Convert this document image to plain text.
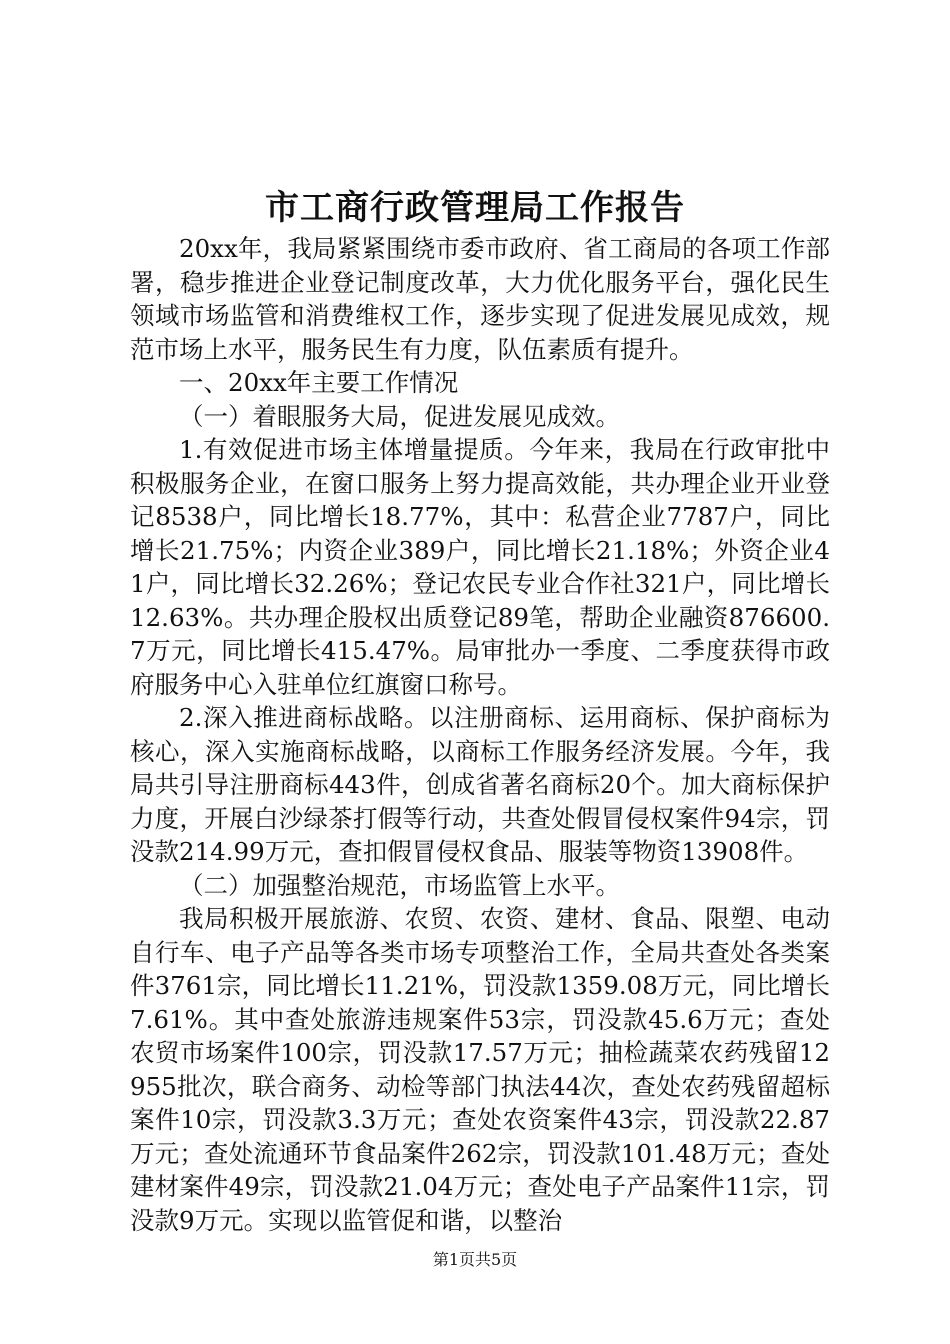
市工商行政管理局工作报告

20xx年，我局紧紧围绕市委市政府、省工商局的各项工作部署，稳步推进企业登记制度改革，大力优化服务平台，强化民生领域市场监管和消费维权工作，逐步实现了促进发展见成效，规范市场上水平，服务民生有力度，队伍素质有提升。

一、20xx年主要工作情况

（一）着眼服务大局，促进发展见成效。

1.有效促进市场主体增量提质。今年来，我局在行政审批中积极服务企业，在窗口服务上努力提高效能，共办理企业开业登记8538户，同比增长18.77%，其中：私营企业7787户，同比增长21.75%；内资企业389户，同比增长21.18%；外资企业41户，同比增长32.26%；登记农民专业合作社321户，同比增长12.63%。共办理企股权出质登记89笔，帮助企业融资876600.7万元，同比增长415.47%。局审批办一季度、二季度获得市政府服务中心入驻单位红旗窗口称号。

2.深入推进商标战略。以注册商标、运用商标、保护商标为核心，深入实施商标战略，以商标工作服务经济发展。今年，我局共引导注册商标443件，创成省著名商标20个。加大商标保护力度，开展白沙绿茶打假等行动，共查处假冒侵权案件94宗，罚没款214.99万元，查扣假冒侵权食品、服装等物资13908件。

（二）加强整治规范，市场监管上水平。

我局积极开展旅游、农贸、农资、建材、食品、限塑、电动自行车、电子产品等各类市场专项整治工作，全局共查处各类案件3761宗，同比增长11.21%，罚没款1359.08万元，同比增长7.61%。其中查处旅游违规案件53宗，罚没款45.6万元；查处农贸市场案件100宗，罚没款17.57万元；抽检蔬菜农药残留12955批次，联合商务、动检等部门执法44次，查处农药残留超标案件10宗，罚没款3.3万元；查处农资案件43宗，罚没款22.87万元；查处流通环节食品案件262宗，罚没款101.48万元；查处建材案件49宗，罚没款21.04万元；查处电子产品案件11宗，罚没款9万元。实现以监管促和谐，以整治

第1页共5页
